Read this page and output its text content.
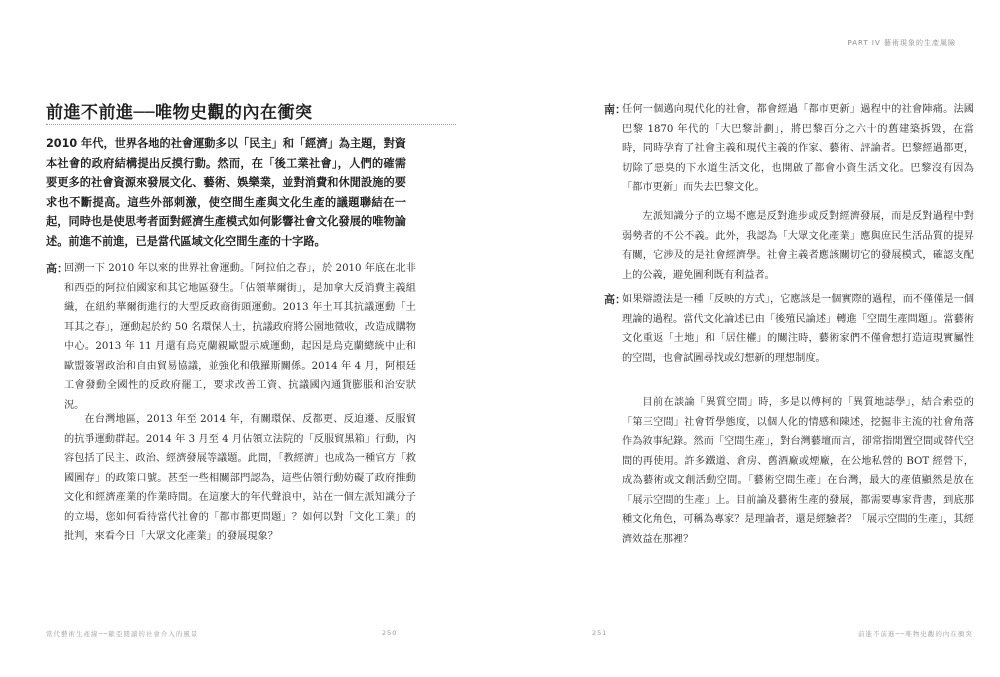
前進不前進──唯物史觀的內在衝突
2010 年代，世界各地的社會運動多以「民主」和「經濟」為主題，對資本社會的政府結構提出反摸行動。然而，在「後工業社會」，人們的確需要更多的社會資源來發展文化、藝術、娛樂業，並對消費和休閒設施的要求也不斷提高。這些外部刺激，使空間生產與文化生產的議題聯結在一起，同時也是使思考者面對經濟生產模式如何影響社會文化發展的唯物論述。前進不前進，已是當代區域文化空間生產的十字路。
高：

回溯一下 2010 年以來的世界社會運動。「阿拉伯之春」，於 2010 年底在北非和西亞的阿拉伯國家和其它地區發生。「佔領華爾街」，是加拿大反消費主義組織，在紐約華爾街進行的大型反政商街頭運動。2013 年土耳其抗議運動「土耳其之春」，運動起於約 50 名環保人士，抗議政府將公園地徵收，改造成購物中心。2013 年 11 月還有烏克蘭親歐盟示威運動，起因是烏克蘭總統中止和歐盟簽署政治和自由貿易協議，並強化和俄羅斯關係。2014 年 4 月，阿根廷工會發動全國性的反政府罷工，要求改善工資、抗議國內通貨膨脹和治安狀況。

在台灣地區，2013 年至 2014 年，有關環保、反都更、反迫遷、反服貿的抗爭運動群起。2014 年 3 月至 4 月佔領立法院的「反服貿黑箱」行動，內容包括了民主、政治、經濟發展等議題。此間，「教經濟」也成為一種官方「救國圖存」的政策口號。甚至一些相關部門認為，這些佔領行動妨礙了政府推動文化和經濟產業的作業時間。在這麼大的年代聲浪中，站在一個左派知識分子的立場，您如何看待當代社會的「都市都更問題」？如何以對「文化工業」的批判，來看今日「大眾文化產業」的發展現象？

當代藝術生產線──歐亞閱讀的社會介入的風景	250
PART IV 藝術現象的生產風險
南：

任何一個邁向現代化的社會，都會經過「都市更新」過程中的社會陣痛。法國巴黎 1870 年代的「大巴黎計劃」，將巴黎百分之六十的舊建築拆毀，在當時，同時孕育了社會主義和現代主義的作家、藝術、評論者。巴黎經過都更，切除了惡臭的下水道生活文化，也開啟了都會小資生活文化。巴黎沒有因為「都市更新」而失去巴黎文化。

左派知識分子的立場不應是反對進步或反對經濟發展，而是反對過程中對弱勢者的不公不義。此外，我認為「大眾文化產業」應與庶民生活品質的提昇有關，它涉及的是社會經濟學。社會主義者應該關切它的發展模式，確認支配上的公義，避免圖利既有利益者。

高：

如果辯證法是一種「反映的方式」，它應該是一個實際的過程，而不僅僅是一個理論的過程。當代文化論述已由「後殖民論述」轉進「空間生產問題」。當藝術文化重返「土地」和「居住權」的關注時，藝術家們不僅會想打造這現實屬性的空間，也會試圖尋找或幻想新的理想制度。

目前在談論「異質空間」時，多是以傅柯的「異質地誌學」，結合索亞的「第三空間」社會哲學態度，以個人化的情感和陳述，挖掘非主流的社會角落作為敘事紀錄。然而「空間生產」，對台灣藝壇而言，卻常指閒置空間或替代空間的再使用。許多鐵道、倉房、舊酒廠或煙廠，在公地私營的 BOT 經營下，成為藝術或文創活動空間。「藝術空間生產」在台灣，最大的產值顯然是放在「展示空間的生產」上。目前論及藝術生產的發展，都需要專家背書，到底那種文化角色，可稱為專家？是理論者，還是經驗者？「展示空間的生產」，其經濟效益在那裡？

251	前進不前進──唯物史觀的內在衝突
